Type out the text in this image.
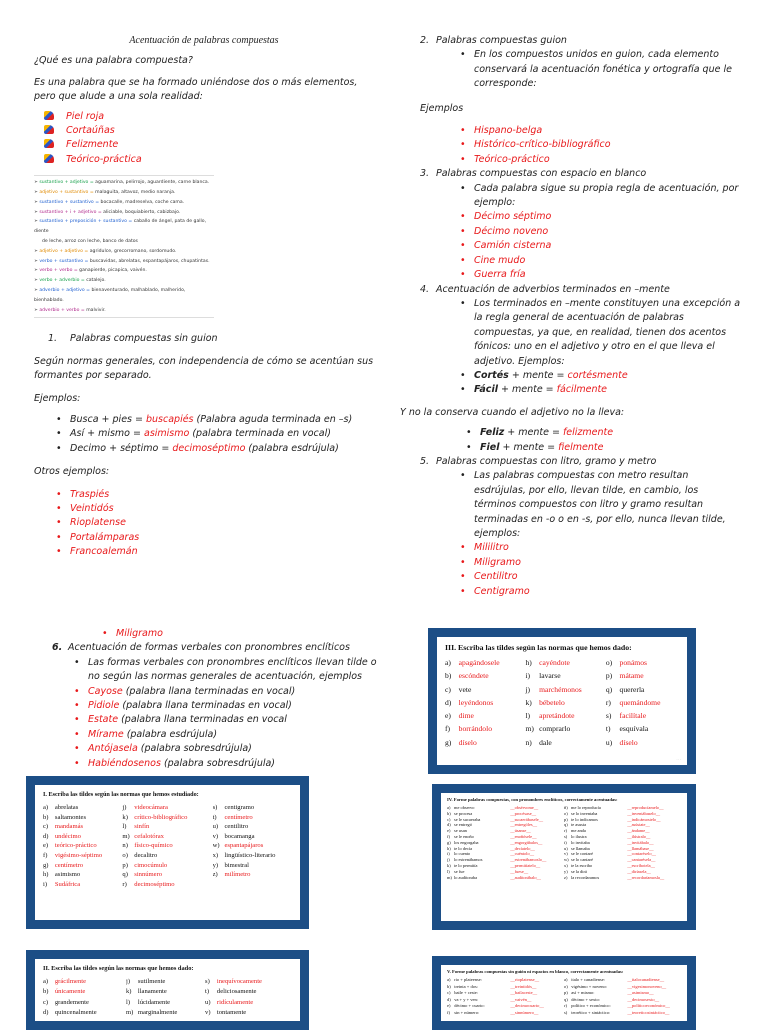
Acentuación de palabras compuestas

¿Qué es una palabra compuesta?

Es una palabra que se ha formado uniéndose dos o más elementos, pero que alude a una sola realidad:

Piel roja
Cortaúñas
Felizmente
Teórico-práctica
➢ sustantivo + adjetivo = aguamarina, pelirrojo, aguardiente, carne blanca.
➢ adjetivo + sustantivo = malaguita, altavoz, medio naranja.
➢ sustantivo + sustantivo = bocacalle, madreselva, coche cama.
➢ sustantivo + i + adjetivo = aliciable, boquiabierto, cabizbajo.
➢ sustantivo + preposición + sustantivo = caballo de ángel, pata de gallo, diente
de leche, arroz con leche, banco de datos
➢ adjetivo + adjetivo = agridulce, grecorromano, sordomudo.
➢ verbo + sustantivo = buscavidas, abrelatas, espantapájaros, chupatintas.
➢ verbo + verbo = ganapierde, picapica, vaivén.
➢ verbo + adverbio = catalejo.
➢ adverbio + adjetivo = bienaventurado, malhablado, malherido, bienhablado.
➢ adverbio + verbo = malvivir.

1. Palabras compuestas sin guion

Según normas generales, con independencia de cómo se acentúan sus formantes por separado.

Ejemplos:

• Busca + pies = buscapiés (Palabra aguda terminada en –s)
• Así + mismo = asimismo (palabra terminada en vocal)
• Decimo + séptimo = decimoséptimo (palabra esdrújula)

Otros ejemplos:

• Traspiés
• Veintidós
• Rioplatense
• Portalámparas
• Francoalemán

2. Palabras compuestas guion

• En los compuestos unidos en guion, cada elemento conservará la acentuación fonética y ortografía que le corresponde:

Ejemplos

• Hispano-belga
• Histórico-crítico-bibliográfico
• Teórico-práctico

3. Palabras compuestas con espacio en blanco

• Cada palabra sigue su propia regla de acentuación, por ejemplo:
• Décimo séptimo
• Décimo noveno
• Camión cisterna
• Cine mudo
• Guerra fría

4. Acentuación de adverbios terminados en –mente

• Los terminados en –mente constituyen una excepción a la regla general de acentuación de palabras compuestas, ya que, en realidad, tienen dos acentos fónicos: uno en el adjetivo y otro en el que lleva el adjetivo. Ejemplos:
• Cortés + mente = cortésmente
• Fácil + mente = fácilmente

Y no la conserva cuando el adjetivo no la lleva:

• Feliz + mente = felizmente
• Fiel + mente = fielmente

5. Palabras compuestas con litro, gramo y metro

• Las palabras compuestas con metro resultan esdrújulas, por ello, llevan tilde, en cambio, los términos compuestos con litro y gramo resultan terminadas en -o o en -s, por ello, nunca llevan tilde, ejemplos:
• Mililitro
• Miligramo
• Centilitro
• Centigramo
• Miligramo

6. Acentuación de formas verbales con pronombres enclíticos

• Las formas verbales con pronombres enclíticos llevan tilde o no según las normas generales de acentuación, ejemplos
• Cayose (palabra llana terminadas en vocal)
• Pidiole (palabra llana terminadas en vocal)
• Estate (palabra llana terminadas en vocal
• Mírame (palabra esdrújula)
• Antójasela (palabra sobresdrújula)
• Habiéndosenos (palabra sobresdrújula)
I. Escriba las tildes según las normas que hemos estudiado:
a) abrelatas	j) videocámara	s) centigramo
b) saltamontes	k) crítico-bibliográfico	t) centímetro
c) mandamás	l) sinfín	u) centilitro
d) undécimo	m) cefalotórax	v) bocamanga
e) teórico-práctico	n) físico-químico	w) espantapájaros
f) vigésimo-séptimo	o) decalitro	x) lingüístico-literario
g) centímetro	p) cimocúmulo	y) bimestral
h) asimismo	q) sinnúmero	z) milímetro
i) Sudáfrica	r) decimoséptimo
II. Escriba las tildes según las normas que hemos dado:
a) grácilmente	j) sutilmente	s) inequívocamente
b) únicamente	k) llanamente	t) deliciosamente
c) grandemente	l) lúcidamente	u) ridículamente
d) quincenalmente	m) marginalmente	v) tontamente
III. Escriba las tildes según las normas que hemos dado:
a) apagándosele	h) cayéndote	o) ponámos
b) escóndete	i) lavarse	p) mátame
c) vete	j) marchémonos	q) quererla
d) leyéndonos	k) bébetelo	r) quemándome
e) dime	l) apretándote	s) facilítale
f) borrándolo	m) comprarlo	t) esquívala
g) díselo	n) dale	u) díselo
· · ·
IV. Forme palabras compuestas, con pronombres enclíticos, correctamente acentuadas:
a) me observo	__obsérvome__	ñ) me lo reproducía	__reproducíamelo__
b) se procesa	__procésase__	o) se lo inventaba	__inventábaselo__
c) se le sucaeraba	__sucaerábasele__	p) te lo indicamos	__indicámostelo__
d) se entregó	__entrególes__	q) te asusta	__asústate__
e) se usan	__úsanse__	r) me anda	__ándame__
f) se le enoño	__enoñósele__	s) lo ilustra	__ilústralo__
g) los engorgaba	__engorgábalos__	t) lo invitaba	__invitábalo__
h) te lo decía	__decíatelo__	u) se llamaba	__llamábase__
i) lo cuento	__cuéntolo__	v) se le contaré	__contaréselo__
j) lo estrenábamos	__estrenábamoslo__	w) se lo cantaré	__cantarésela__
k) te lo permitía	__permitíatelo__	x) te la escribo	__escríbotela__
l) se fue	__fuese__	y) se la dirá	__diríasela__
m) lo auditoraba	__auditorábalo__	z) la recordaramos	__recordaríamosla__
V. Forme palabras compuestas sin guión ni espacios en blanco, correctamente acentuadas:
a) rio + plateense:	__rioplatense__	a) italo + canadiense:	__italocanadiense__
b) treinta + dos:	__treintidós__	o) vigésimo + noveno:	__vigesimonoveno__
c) baile + ceste:	__bailaceste__	p) así + mismo:	__asimismo__
d) va + y + ven:	__vaivén__	q) décimo + sexto:	__decimosexto__
e) décimo + cuarto:	__decimocuarto__	r) político + económico:	__políticoeconómico__
f) sin + número:	__sinnúmero__	s) teorético + sintáctico:	__teoreticosintáctico__
